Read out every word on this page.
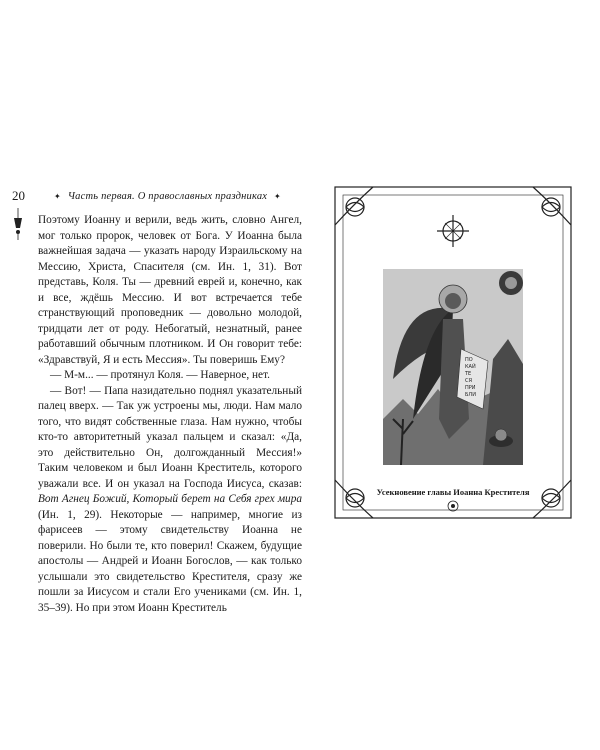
20	✦ Часть первая. О православных праздниках ✦

Поэтому Иоанну и верили, ведь жить, словно Ангел, мог только пророк, человек от Бога. У Иоанна была важнейшая задача — указать народу Израильскому на Мессию, Христа, Спасителя (см. Ин. 1, 31). Вот представь, Коля. Ты — древний еврей и, конечно, как и все, ждёшь Мессию. И вот встречается тебе странствующий проповедник — довольно молодой, тридцати лет от роду. Небогатый, незнатный, ранее работавший обычным плотником. И Он говорит тебе: «Здравствуй, Я и есть Мессия». Ты поверишь Ему?

— М-м... — протянул Коля. — Наверное, нет.

— Вот! — Папа назидательно поднял указательный палец вверх. — Так уж устроены мы, люди. Нам мало того, что видят собственные глаза. Нам нужно, чтобы кто-то авторитетный указал пальцем и сказал: «Да, это действительно Он, долгожданный Мессия!» Таким человеком и был Иоанн Креститель, которого уважали все. И он указал на Господа Иисуса, сказав: Вот Агнец Божий, Который берет на Себя грех мира (Ин. 1, 29). Некоторые — например, многие из фарисеев — этому свидетельству Иоанна не поверили. Но были те, кто поверил! Скажем, будущие апостолы — Андрей и Иоанн Богослов, — как только услышали это свидетельство Крестителя, сразу же пошли за Иисусом и стали Его учениками (см. Ин. 1, 35–39). Но при этом Иоанн Креститель

ПО
КАЙ
ТЕ
СЯ
ПРИ
БЛИ
Усекновение главы Иоанна Крестителя
